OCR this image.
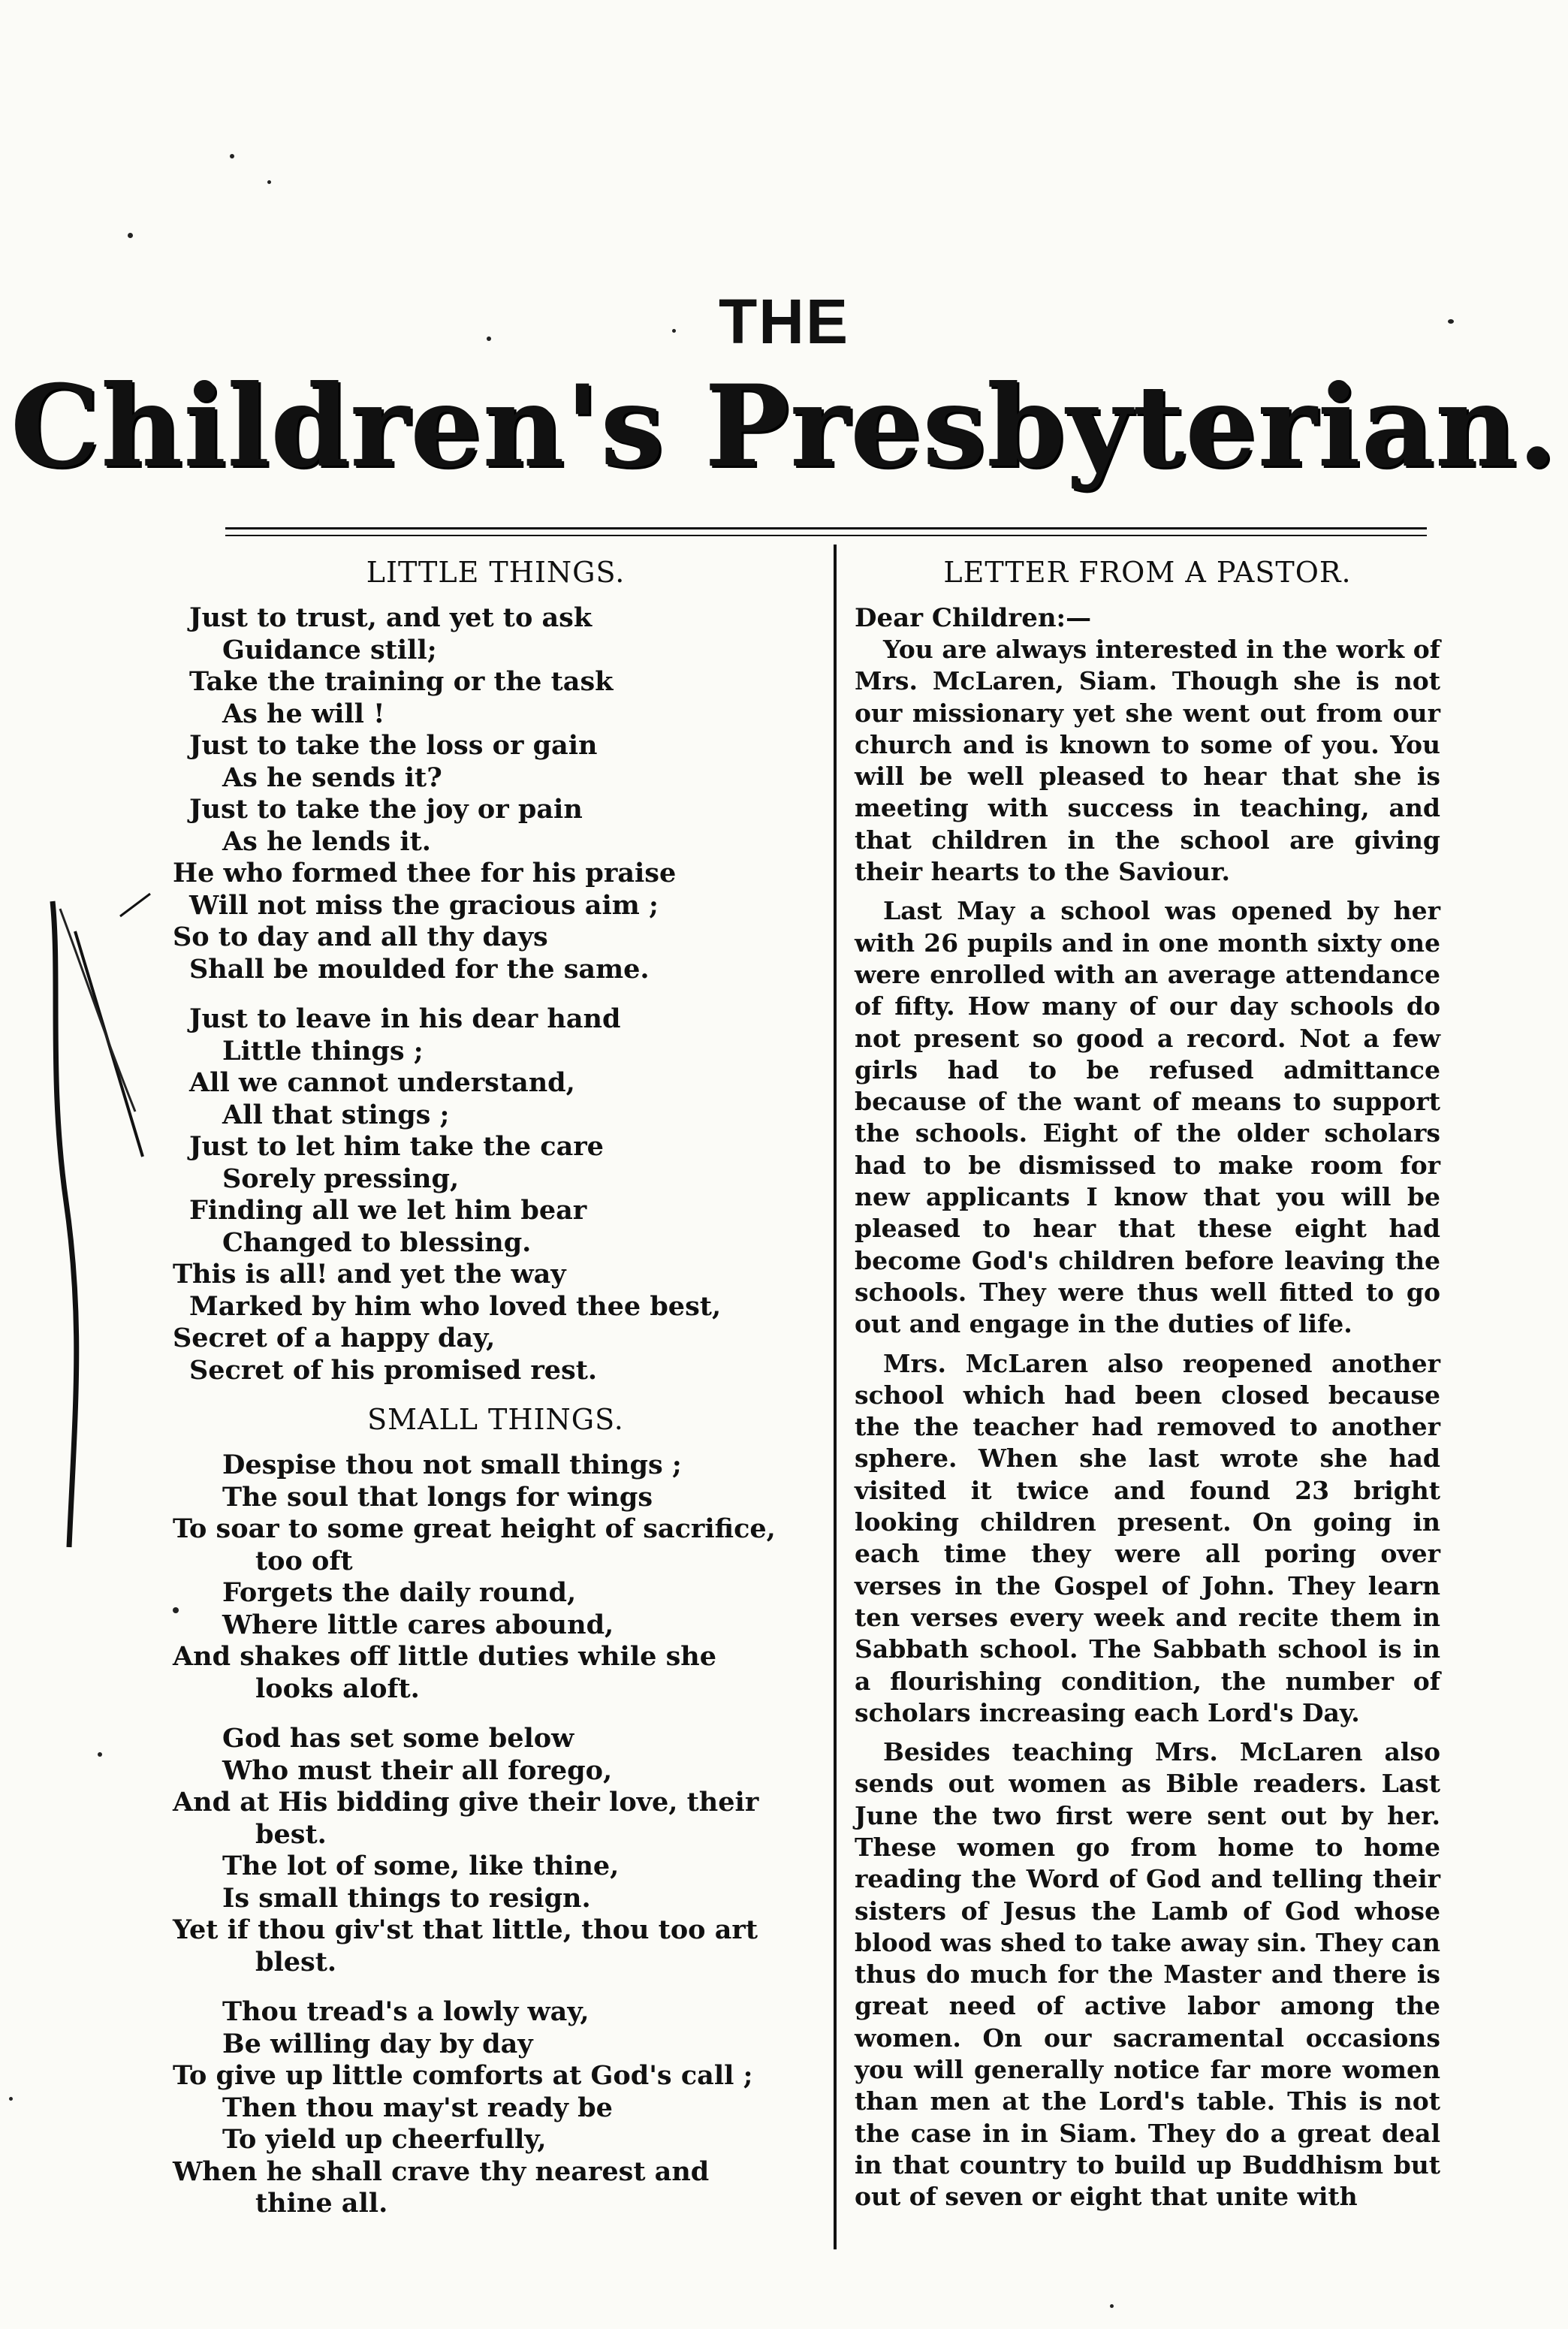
THE
Children's Presbyterian.
LITTLE THINGS.
Just to trust, and yet to ask
Guidance still;
Take the training or the task
As he will !
Just to take the loss or gain
As he sends it?
Just to take the joy or pain
As he lends it.
He who formed thee for his praise
Will not miss the gracious aim ;
So to day and all thy days
Shall be moulded for the same.
Just to leave in his dear hand
Little things ;
All we cannot understand,
All that stings ;
Just to let him take the care
Sorely pressing,
Finding all we let him bear
Changed to blessing.
This is all! and yet the way
Marked by him who loved thee best,
Secret of a happy day,
Secret of his promised rest.
SMALL THINGS.
Despise thou not small things ;
The soul that longs for wings
To soar to some great height of sacrifice,
too oft
Forgets the daily round,
Where little cares abound,
And shakes off little duties while she
looks aloft.
God has set some below
Who must their all forego,
And at His bidding give their love, their
best.
The lot of some, like thine,
Is small things to resign.
Yet if thou giv'st that little, thou too art
blest.
Thou tread's a lowly way,
Be willing day by day
To give up little comforts at God's call ;
Then thou may'st ready be
To yield up cheerfully,
When he shall crave thy nearest and
thine all.
LETTER FROM A PASTOR.
Dear Children:—

You are always interested in the work of Mrs. McLaren, Siam. Though she is not our missionary yet she went out from our church and is known to some of you. You will be well pleased to hear that she is meeting with success in teaching, and that children in the school are giving their hearts to the Saviour.

Last May a school was opened by her with 26 pupils and in one month sixty one were enrolled with an average attendance of fifty. How many of our day schools do not present so good a record. Not a few girls had to be refused admittance because of the want of means to support the schools. Eight of the older scholars had to be dismissed to make room for new applicants I know that you will be pleased to hear that these eight had become God's children before leaving the schools. They were thus well fitted to go out and engage in the duties of life.

Mrs. McLaren also reopened another school which had been closed because the the teacher had removed to another sphere. When she last wrote she had visited it twice and found 23 bright looking children present. On going in each time they were all poring over verses in the Gospel of John. They learn ten verses every week and recite them in Sabbath school. The Sabbath school is in a flourishing condition, the number of scholars increasing each Lord's Day.

Besides teaching Mrs. McLaren also sends out women as Bible readers. Last June the two first were sent out by her. These women go from home to home reading the Word of God and telling their sisters of Jesus the Lamb of God whose blood was shed to take away sin. They can thus do much for the Master and there is great need of active labor among the women. On our sacramental occasions you will generally notice far more women than men at the Lord's table. This is not the case in in Siam. They do a great deal in that country to build up Buddhism but out of seven or eight that unite with
